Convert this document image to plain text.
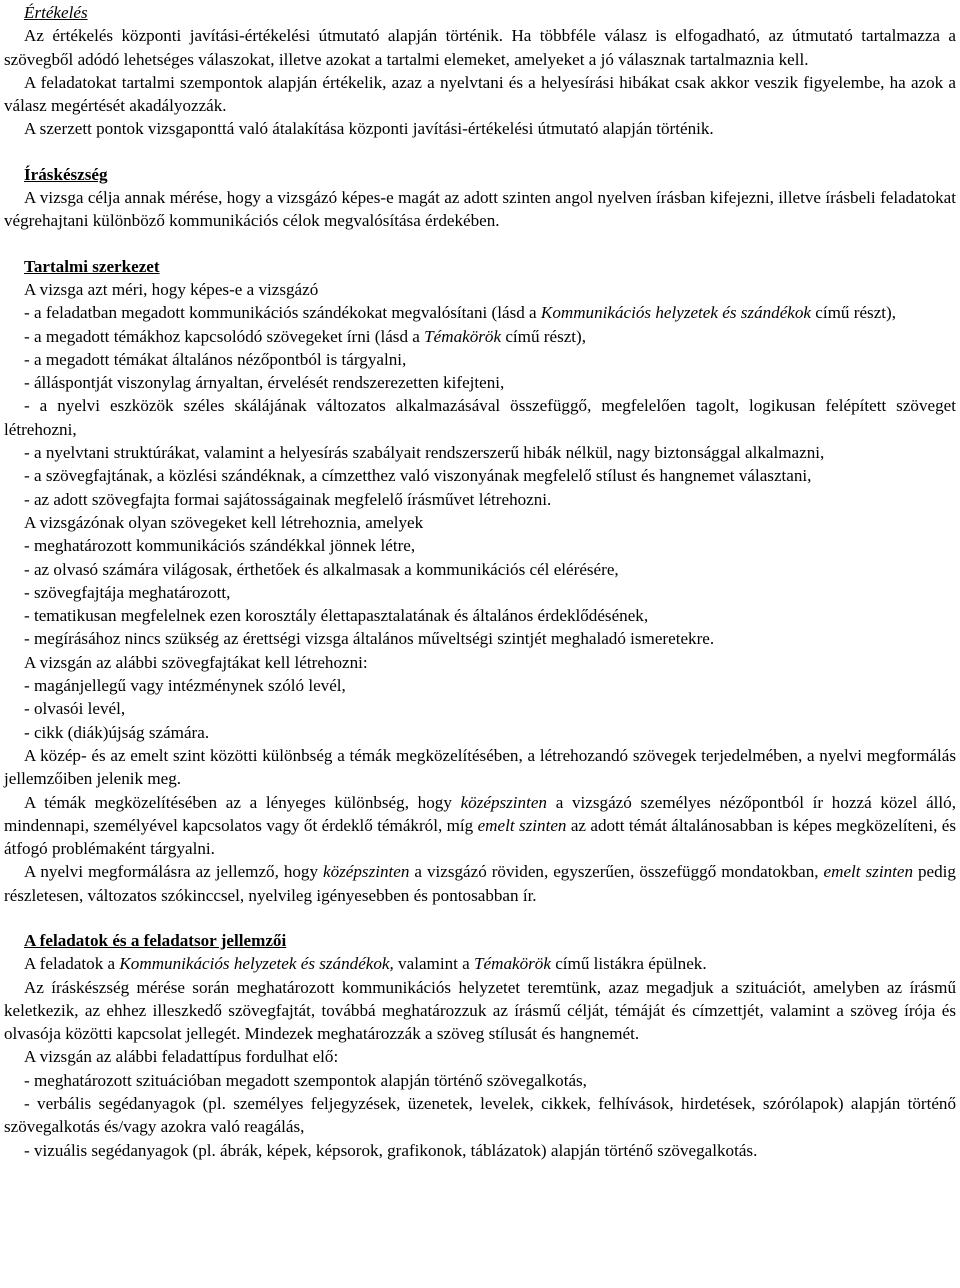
Értékelés

Az értékelés központi javítási-értékelési útmutató alapján történik. Ha többféle válasz is elfogadható, az útmutató tartalmazza a szövegből adódó lehetséges válaszokat, illetve azokat a tartalmi elemeket, amelyeket a jó válasznak tartalmaznia kell.

A feladatokat tartalmi szempontok alapján értékelik, azaz a nyelvtani és a helyesírási hibákat csak akkor veszik figyelembe, ha azok a válasz megértését akadályozzák.

A szerzett pontok vizsgaponttá való átalakítása központi javítási-értékelési útmutató alapján történik.

Íráskészség

A vizsga célja annak mérése, hogy a vizsgázó képes-e magát az adott szinten angol nyelven írásban kifejezni, illetve írásbeli feladatokat végrehajtani különböző kommunikációs célok megvalósítása érdekében.

Tartalmi szerkezet

A vizsga azt méri, hogy képes-e a vizsgázó

- a feladatban megadott kommunikációs szándékokat megvalósítani (lásd a Kommunikációs helyzetek és szándékok című részt),

- a megadott témákhoz kapcsolódó szövegeket írni (lásd a Témakörök című részt),

- a megadott témákat általános nézőpontból is tárgyalni,

- álláspontját viszonylag árnyaltan, érvelését rendszerezetten kifejteni,

- a nyelvi eszközök széles skálájának változatos alkalmazásával összefüggő, megfelelően tagolt, logikusan felépített szöveget létrehozni,

- a nyelvtani struktúrákat, valamint a helyesírás szabályait rendszerszerű hibák nélkül, nagy biztonsággal alkalmazni,

- a szövegfajtának, a közlési szándéknak, a címzetthez való viszonyának megfelelő stílust és hangnemet választani,

- az adott szövegfajta formai sajátosságainak megfelelő írásművet létrehozni.

A vizsgázónak olyan szövegeket kell létrehoznia, amelyek

- meghatározott kommunikációs szándékkal jönnek létre,

- az olvasó számára világosak, érthetőek és alkalmasak a kommunikációs cél elérésére,

- szövegfajtája meghatározott,

- tematikusan megfelelnek ezen korosztály élettapasztalatának és általános érdeklődésének,

- megírásához nincs szükség az érettségi vizsga általános műveltségi szintjét meghaladó ismeretekre.

A vizsgán az alábbi szövegfajtákat kell létrehozni:

- magánjellegű vagy intézménynek szóló levél,

- olvasói levél,

- cikk (diák)újság számára.

A közép- és az emelt szint közötti különbség a témák megközelítésében, a létrehozandó szövegek terjedelmében, a nyelvi megformálás jellemzőiben jelenik meg.

A témák megközelítésében az a lényeges különbség, hogy középszinten a vizsgázó személyes nézőpontból ír hozzá közel álló, mindennapi, személyével kapcsolatos vagy őt érdeklő témákról, míg emelt szinten az adott témát általánosabban is képes megközelíteni, és átfogó problémaként tárgyalni.

A nyelvi megformálásra az jellemző, hogy középszinten a vizsgázó röviden, egyszerűen, összefüggő mondatokban, emelt szinten pedig részletesen, változatos szókinccsel, nyelvileg igényesebben és pontosabban ír.

A feladatok és a feladatsor jellemzői

A feladatok a Kommunikációs helyzetek és szándékok, valamint a Témakörök című listákra épülnek.

Az íráskészség mérése során meghatározott kommunikációs helyzetet teremtünk, azaz megadjuk a szituációt, amelyben az írásmű keletkezik, az ehhez illeszkedő szövegfajtát, továbbá meghatározzuk az írásmű célját, témáját és címzettjét, valamint a szöveg írója és olvasója közötti kapcsolat jellegét. Mindezek meghatározzák a szöveg stílusát és hangnemét.

A vizsgán az alábbi feladattípus fordulhat elő:

- meghatározott szituációban megadott szempontok alapján történő szövegalkotás,

- verbális segédanyagok (pl. személyes feljegyzések, üzenetek, levelek, cikkek, felhívások, hirdetések, szórólapok) alapján történő szövegalkotás és/vagy azokra való reagálás,

- vizuális segédanyagok (pl. ábrák, képek, képsorok, grafikonok, táblázatok) alapján történő szövegalkotás.
